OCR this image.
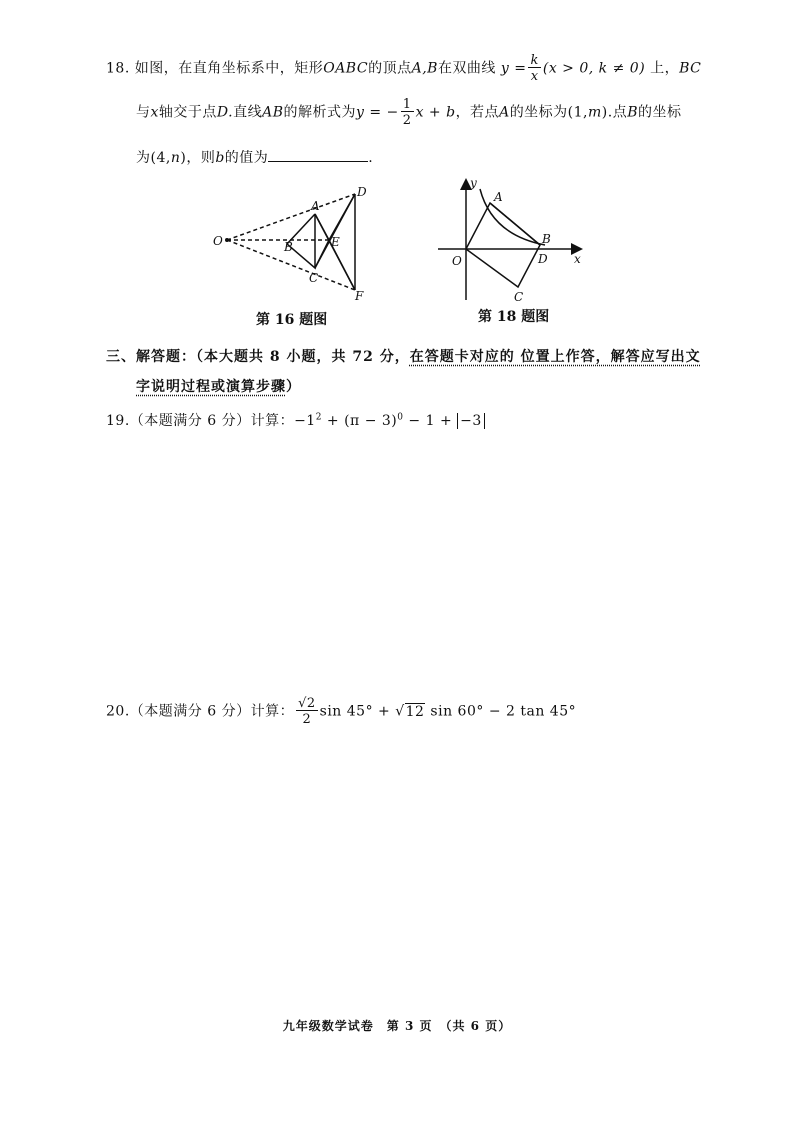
18. 如图，在直角坐标系中，矩形OABC的顶点A,B在双曲线 $y = \frac{k}{x} (x > 0$, k ≠ 0) 上，BC
与x轴交于点D.直线AB的解析式为y = − $\frac{1}{2}$ x + b，若点A的坐标为(1,m).点B的坐标
为(4,n)，则b的值为	.
O
A
B
C
D
E
F
第 16 题图
y
x
O
A
B
D
C
第 18 题图
三、解答题：（本大题共 8 小题，共 72 分，在答题卡对应的 位置上作答，解答应写出文
字说明过程或演算步骤）
19.（本题满分 6 分）计算：$-1^2 + (\pi - 3)^0 - 1 + -3$
20.（本题满分 6 分）计算： $\frac{√2}{2}$ sin 45° + √12 sin 60° − 2 tan 45°
九年级数学试卷　第 3 页　（共 6 页）
